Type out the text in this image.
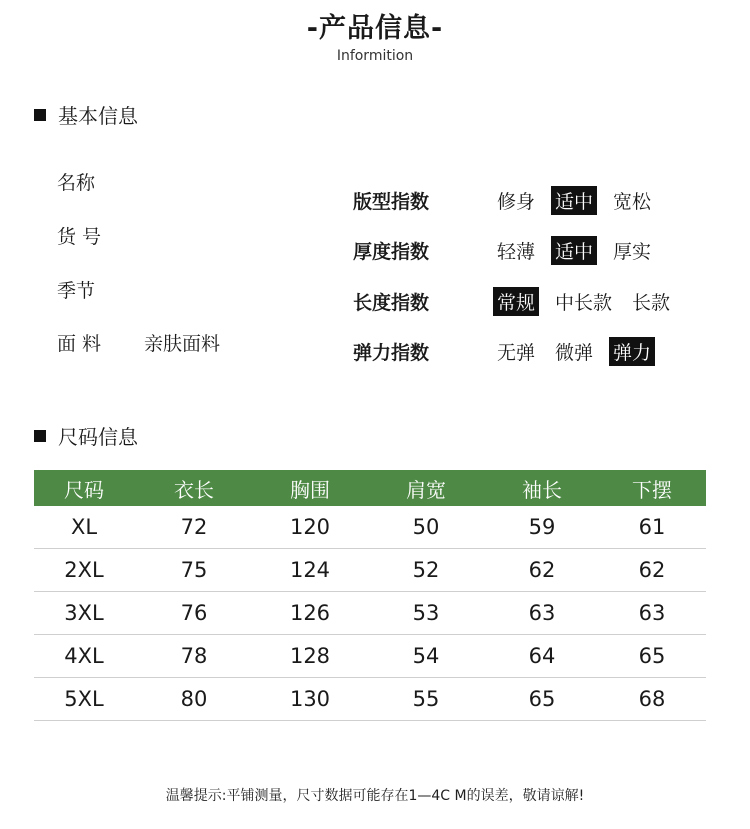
-产品信息-
Informition
基本信息
名称
货 号
季节
面 料 亲肤面料
版型指数	修身 适中 宽松
厚度指数	轻薄 适中 厚实
长度指数	常规 中长款 长款
弹力指数	无弹 微弹 弹力
尺码信息
尺码	衣长	胸围	肩宽	袖长	下摆
XL	72	120	50	59	61
2XL	75	124	52	62	62
3XL	76	126	53	63	63
4XL	78	128	54	64	65
5XL	80	130	55	65	68
温馨提示:平铺测量，尺寸数据可能存在1—4C M的误差，敬请谅解!
